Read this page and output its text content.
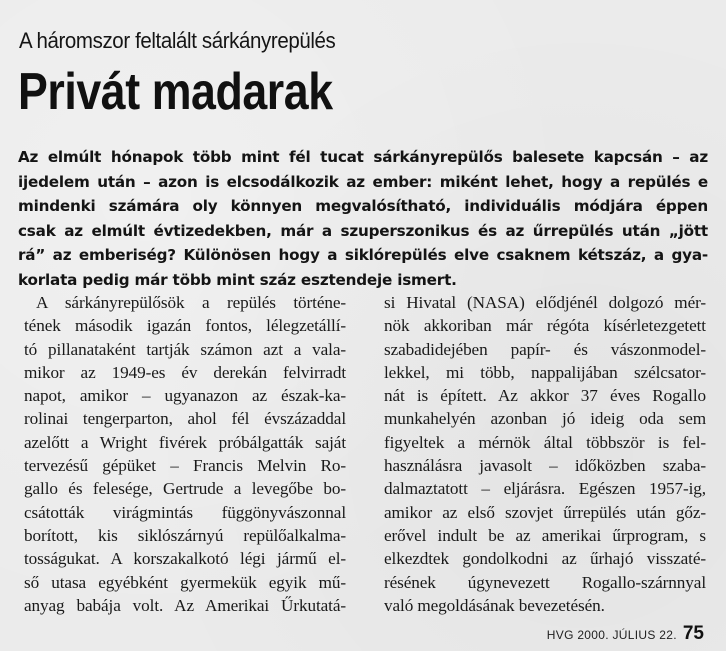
A háromszor feltalált sárkányrepülés
Privát madarak
Az elmúlt hónapok több mint fél tucat sárkányrepülős balesete kapcsán – az
ijedelem után – azon is elcsodálkozik az ember: miként lehet, hogy a repülés e
mindenki számára oly könnyen megvalósítható, individuális módjára éppen
csak az elmúlt évtizedekben, már a szuperszonikus és az űrrepülés után „jött
rá” az emberiség? Különösen hogy a siklórepülés elve csaknem kétszáz, a gya-
korlata pedig már több mint száz esztendeje ismert.
A sárkányrepülősök a repülés történe-
tének második igazán fontos, lélegzetállí-
tó pillanataként tartják számon azt a vala-
mikor az 1949-es év derekán felvirradt
napot, amikor – ugyanazon az észak-ka-
rolinai tengerparton, ahol fél évszázaddal
azelőtt a Wright fivérek próbálgatták saját
tervezésű gépüket – Francis Melvin Ro-
gallo és felesége, Gertrude a levegőbe bo-
csátották virágmintás függönyvászonnal
borított, kis siklószárnyú repülőalkalma-
tosságukat. A korszakalkotó légi jármű el-
ső utasa egyébként gyermekük egyik mű-
anyag babája volt. Az Amerikai Űrkutatá-
si Hivatal (NASA) elődjénél dolgozó mér-
nök akkoriban már régóta kísérletezgetett
szabadidejében papír- és vászonmodel-
lekkel, mi több, nappalijában szélcsator-
nát is épített. Az akkor 37 éves Rogallo
munkahelyén azonban jó ideig oda sem
figyeltek a mérnök által többször is fel-
használásra javasolt – időközben szaba-
dalmaztatott – eljárásra. Egészen 1957-ig,
amikor az első szovjet űrrepülés után gőz-
erővel indult be az amerikai űrprogram, s
elkezdtek gondolkodni az űrhajó visszaté-
résének úgynevezett Rogallo-szárnnyal
való megoldásának bevezetésén.
HVG 2000. JÚLIUS 22. 75
